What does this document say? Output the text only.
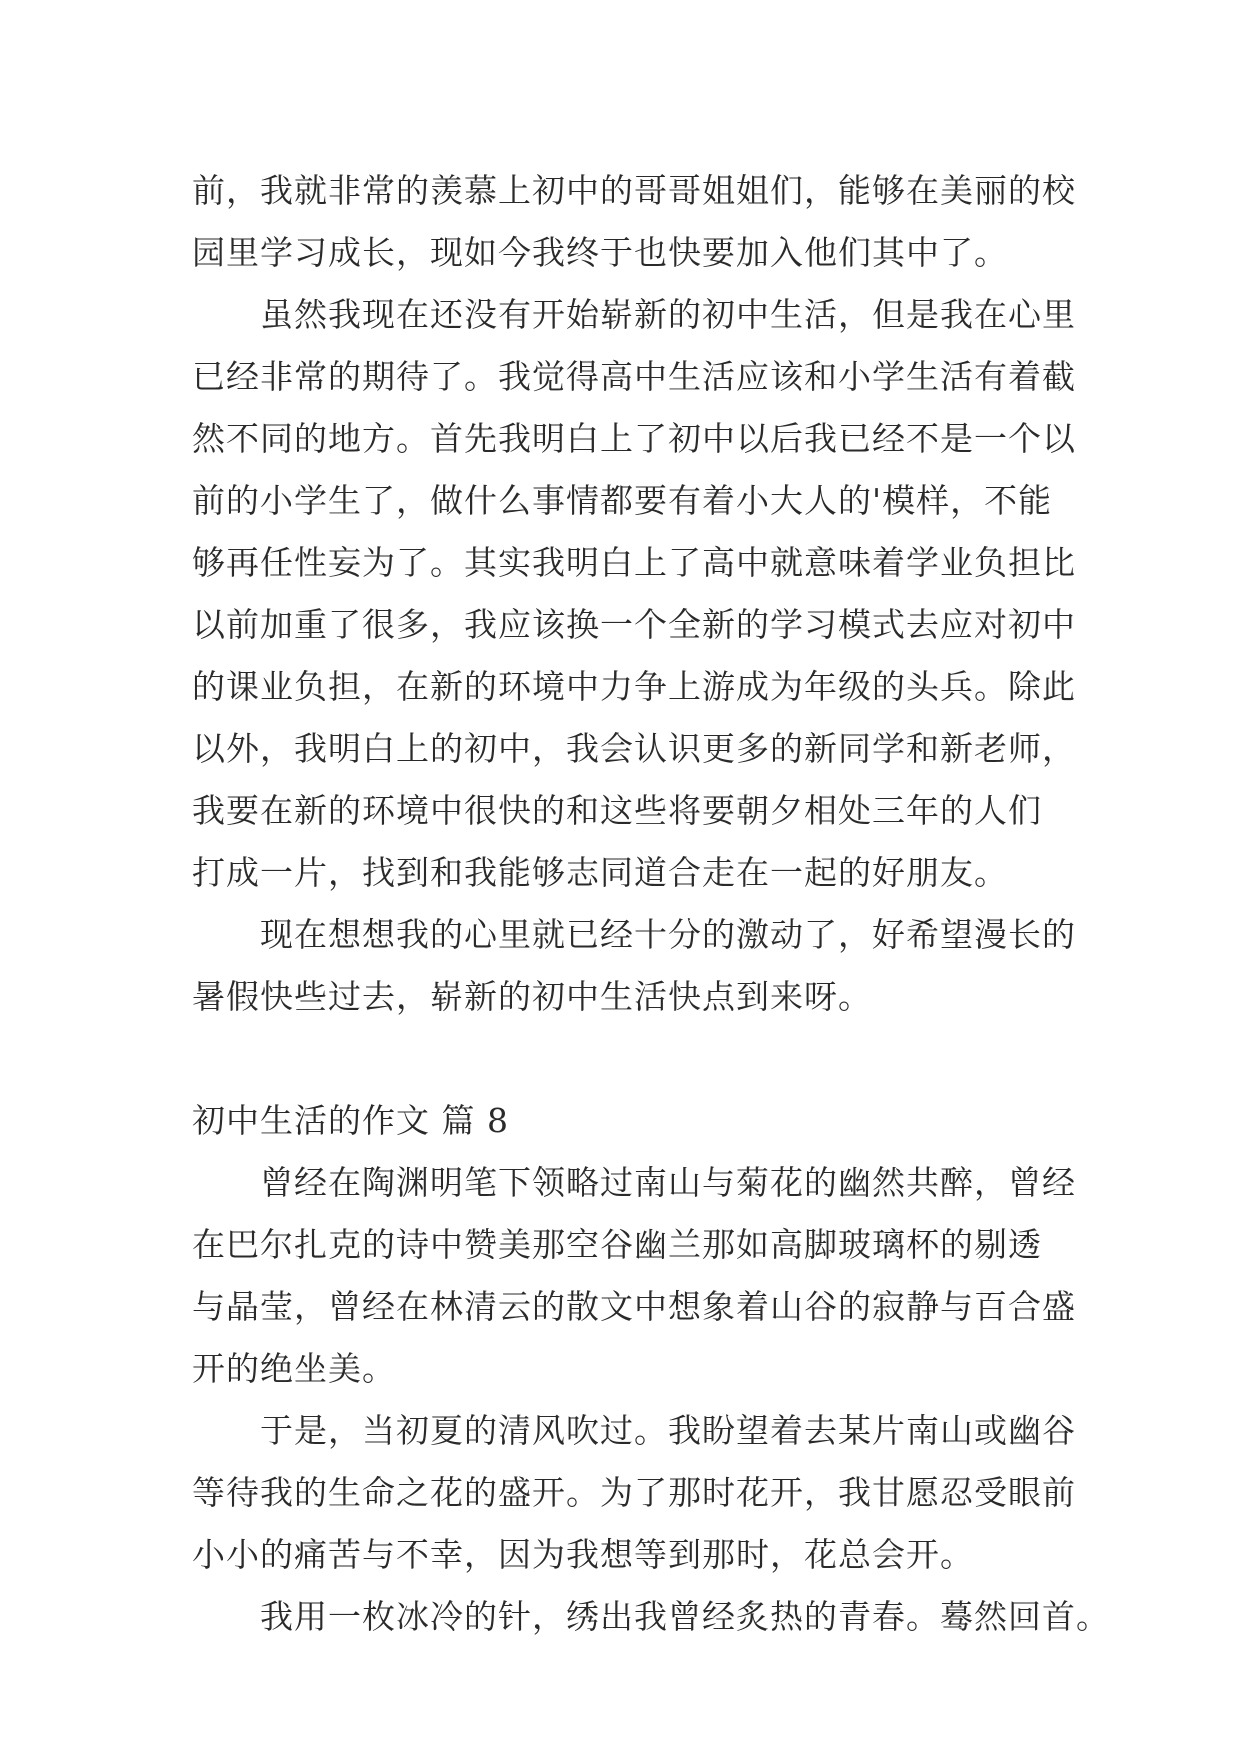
前，我就非常的羡慕上初中的哥哥姐姐们，能够在美丽的校
园里学习成长，现如今我终于也快要加入他们其中了。
虽然我现在还没有开始崭新的初中生活，但是我在心里
已经非常的期待了。我觉得高中生活应该和小学生活有着截
然不同的地方。首先我明白上了初中以后我已经不是一个以
前的小学生了，做什么事情都要有着小大人的'模样，不能
够再任性妄为了。其实我明白上了高中就意味着学业负担比
以前加重了很多，我应该换一个全新的学习模式去应对初中
的课业负担，在新的环境中力争上游成为年级的头兵。除此
以外，我明白上的初中，我会认识更多的新同学和新老师，
我要在新的环境中很快的和这些将要朝夕相处三年的人们
打成一片，找到和我能够志同道合走在一起的好朋友。
现在想想我的心里就已经十分的激动了，好希望漫长的
暑假快些过去，崭新的初中生活快点到来呀。
初中生活的作文 篇 8
曾经在陶渊明笔下领略过南山与菊花的幽然共醉，曾经
在巴尔扎克的诗中赞美那空谷幽兰那如高脚玻璃杯的剔透
与晶莹，曾经在林清云的散文中想象着山谷的寂静与百合盛
开的绝坐美。
于是，当初夏的清风吹过。我盼望着去某片南山或幽谷
等待我的生命之花的盛开。为了那时花开，我甘愿忍受眼前
小小的痛苦与不幸，因为我想等到那时，花总会开。
我用一枚冰冷的针，绣出我曾经炙热的青春。蓦然回首。
